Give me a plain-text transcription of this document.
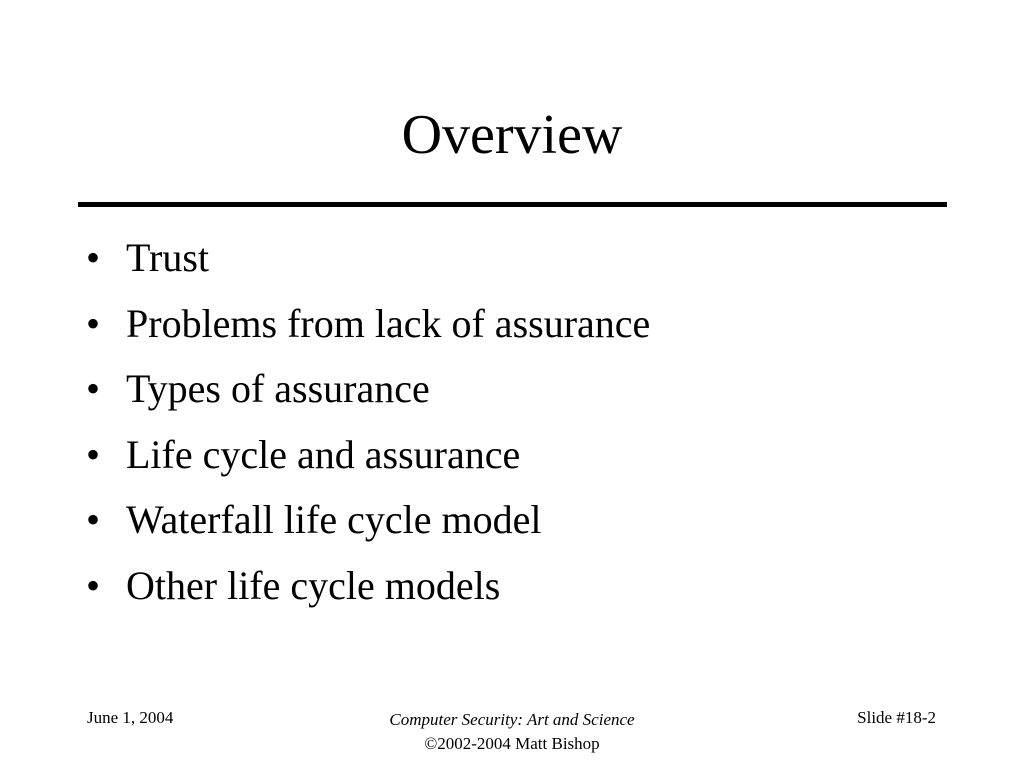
Overview
• Trust
• Problems from lack of assurance
• Types of assurance
• Life cycle and assurance
• Waterfall life cycle model
• Other life cycle models
June 1, 2004	Computer Security: Art and Science
©2002-2004 Matt Bishop
Slide #18-2
